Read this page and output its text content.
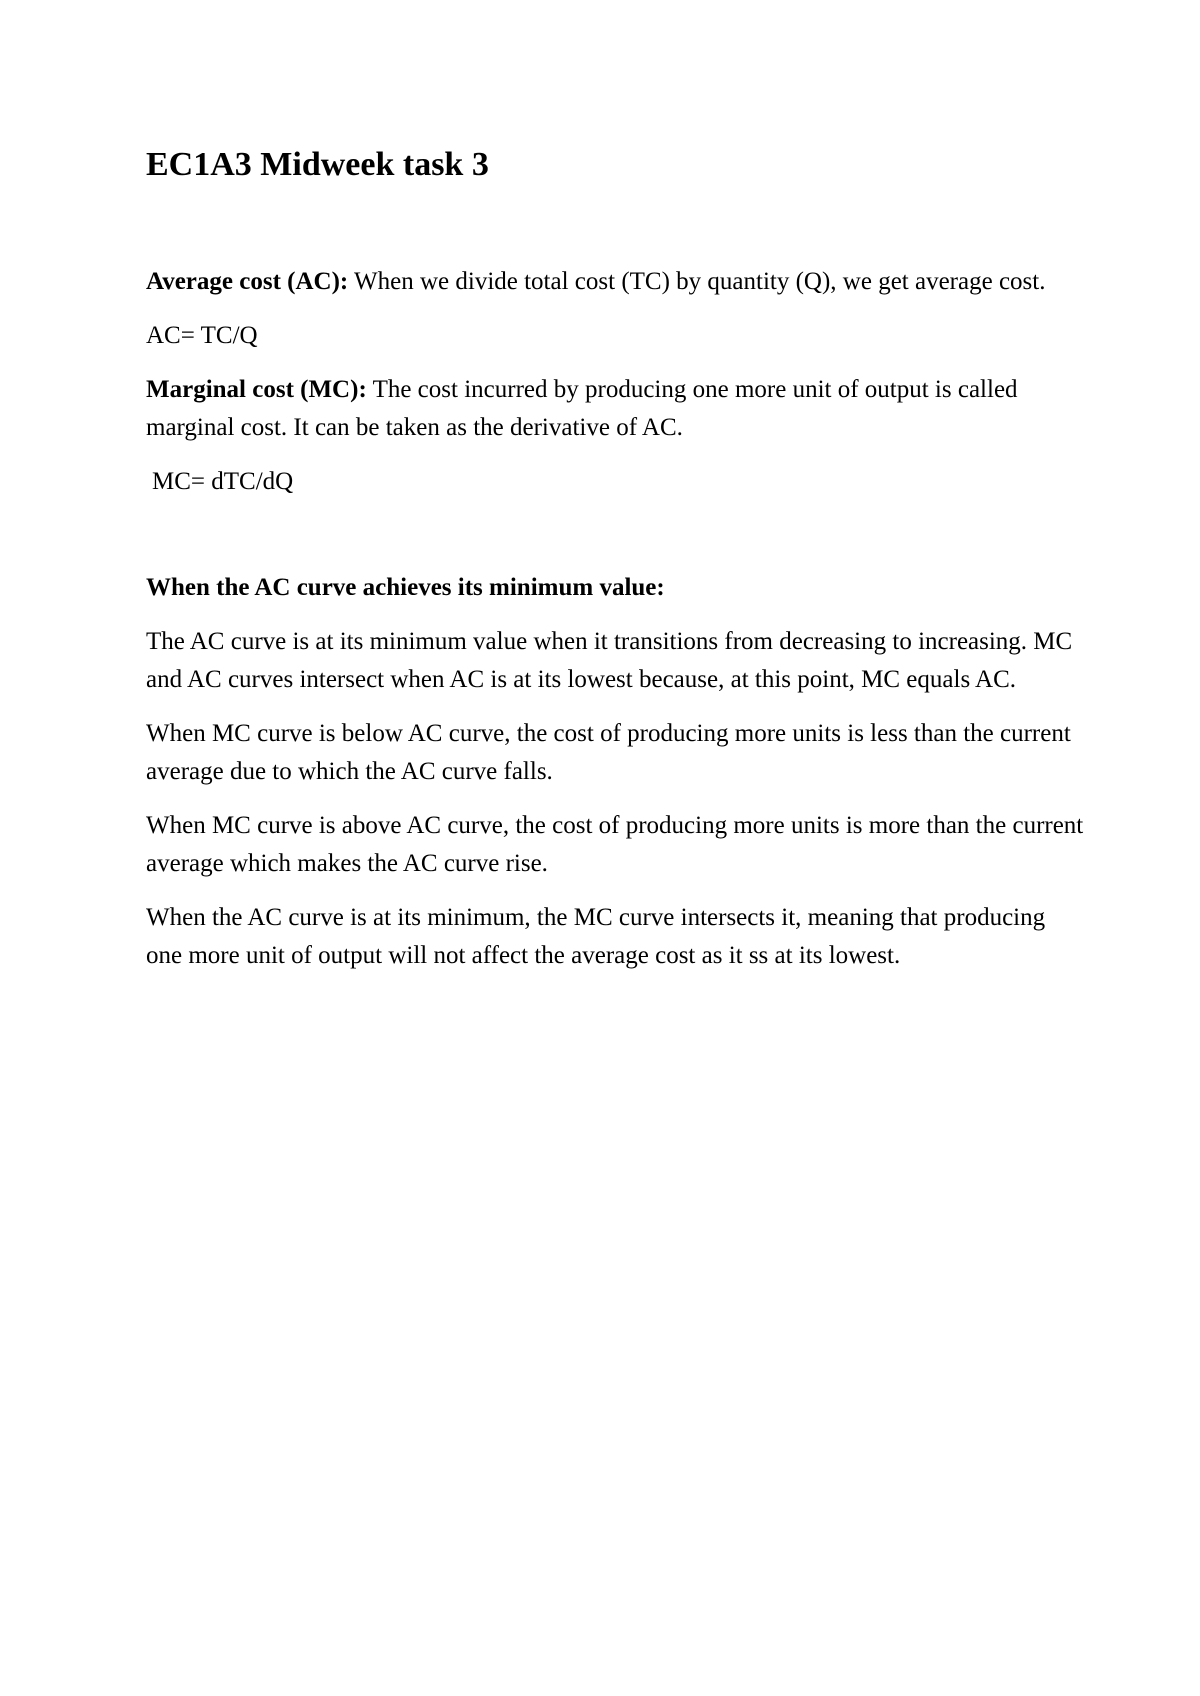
EC1A3 Midweek task 3

Average cost (AC): When we divide total cost (TC) by quantity (Q), we get average cost.

AC= TC/Q

Marginal cost (MC): The cost incurred by producing one more unit of output is called marginal cost. It can be taken as the derivative of AC.

MC= dTC/dQ

When the AC curve achieves its minimum value:

The AC curve is at its minimum value when it transitions from decreasing to increasing. MC and AC curves intersect when AC is at its lowest because, at this point, MC equals AC.

When MC curve is below AC curve, the cost of producing more units is less than the current average due to which the AC curve falls.

When MC curve is above AC curve, the cost of producing more units is more than the current average which makes the AC curve rise.

When the AC curve is at its minimum, the MC curve intersects it, meaning that producing one more unit of output will not affect the average cost as it ss at its lowest.
